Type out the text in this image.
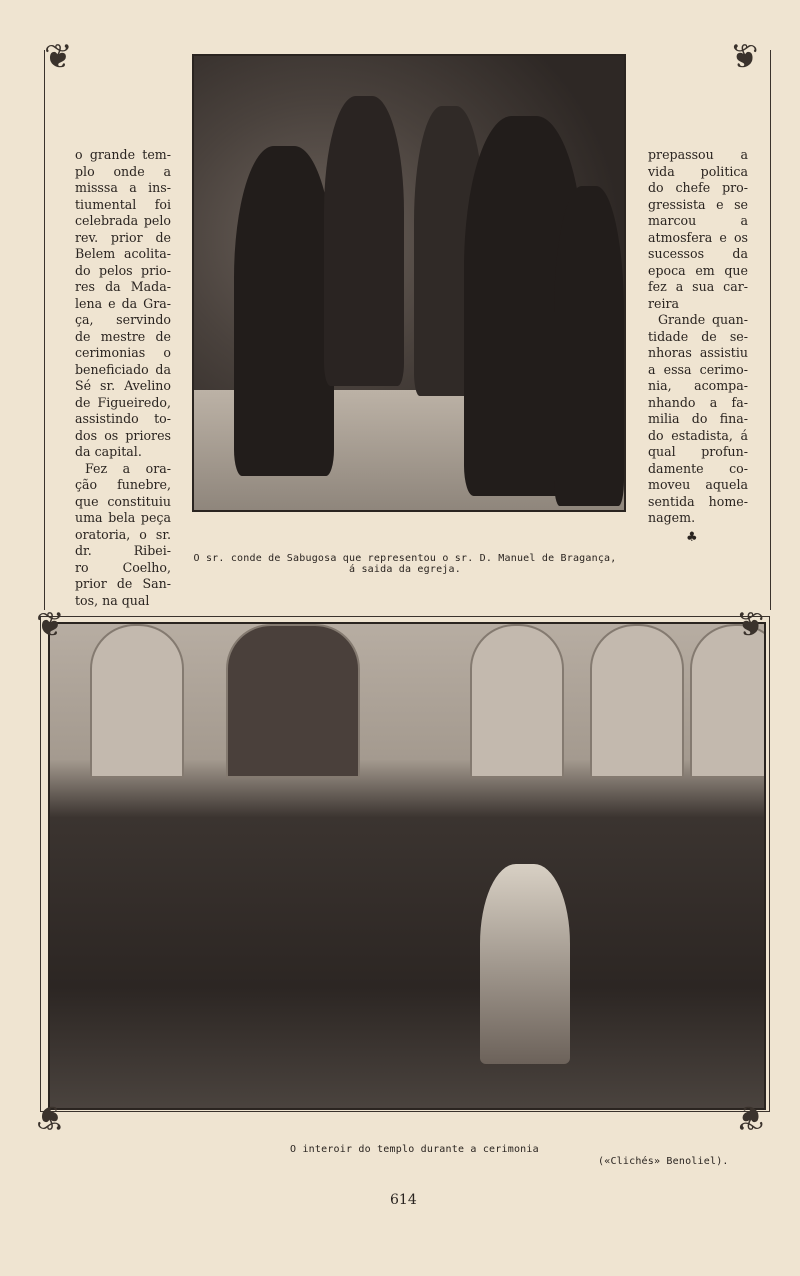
o grande tem-
plo onde a
misssa a ins-
tiumental foi
celebrada pelo
rev. prior de
Belem acolita-
do pelos prio-
res da Mada-
lena e da Gra-
ça, servindo
de mestre de
cerimonias o
beneficiado da
Sé sr. Avelino
de Figueiredo,
assistindo to-
dos os priores
da capital.
Fez a ora-
ção funebre,
que constituiu
uma bela peça
oratoria, o sr.
dr. Ribei-
ro Coelho,
prior de San-
tos, na qual
prepassou a
vida politica
do chefe pro-
gressista e se
marcou a
atmosfera e os
sucessos da
epoca em que
fez a sua car-
reira
Grande quan-
tidade de se-
nhoras assistiu
a essa cerimo-
nia, acompa-
nhando a fa-
milia do fina-
do estadista, á
qual profun-
damente co-
moveu aquela
sentida home-
nagem.
O sr. conde de Sabugosa que representou o sr. D. Manuel de Bragança,
á saida da egreja.
♣
❦	❦
❦	❦
❦	❦
O interoir do templo durante a cerimonia
(«Clichés» Benoliel).
614
